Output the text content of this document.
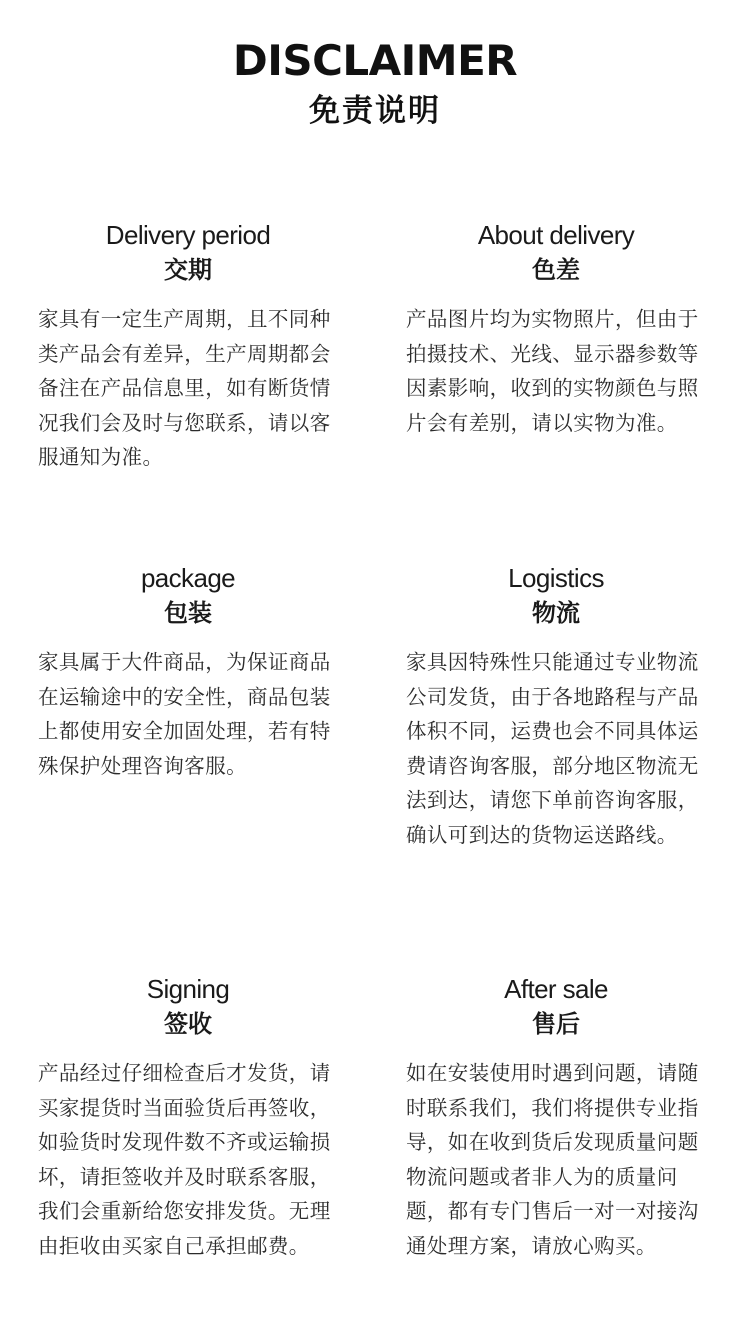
DISCLAIMER
免责说明
Delivery period
交期
家具有一定生产周期，且不同种类产品会有差异，生产周期都会备注在产品信息里，如有断货情况我们会及时与您联系，请以客服通知为准。
About delivery
色差
产品图片均为实物照片，但由于拍摄技术、光线、显示器参数等因素影响，收到的实物颜色与照片会有差别，请以实物为准。
package
包装
家具属于大件商品，为保证商品在运输途中的安全性，商品包装上都使用安全加固处理，若有特殊保护处理咨询客服。
Logistics
物流
家具因特殊性只能通过专业物流公司发货，由于各地路程与产品体积不同，运费也会不同具体运费请咨询客服，部分地区物流无法到达，请您下单前咨询客服，确认可到达的货物运送路线。
Signing
签收
产品经过仔细检查后才发货，请买家提货时当面验货后再签收，如验货时发现件数不齐或运输损坏，请拒签收并及时联系客服，我们会重新给您安排发货。无理由拒收由买家自己承担邮费。
After sale
售后
如在安装使用时遇到问题，请随时联系我们，我们将提供专业指导，如在收到货后发现质量问题 物流问题或者非人为的质量问题，都有专门售后一对一对接沟通处理方案，请放心购买。
